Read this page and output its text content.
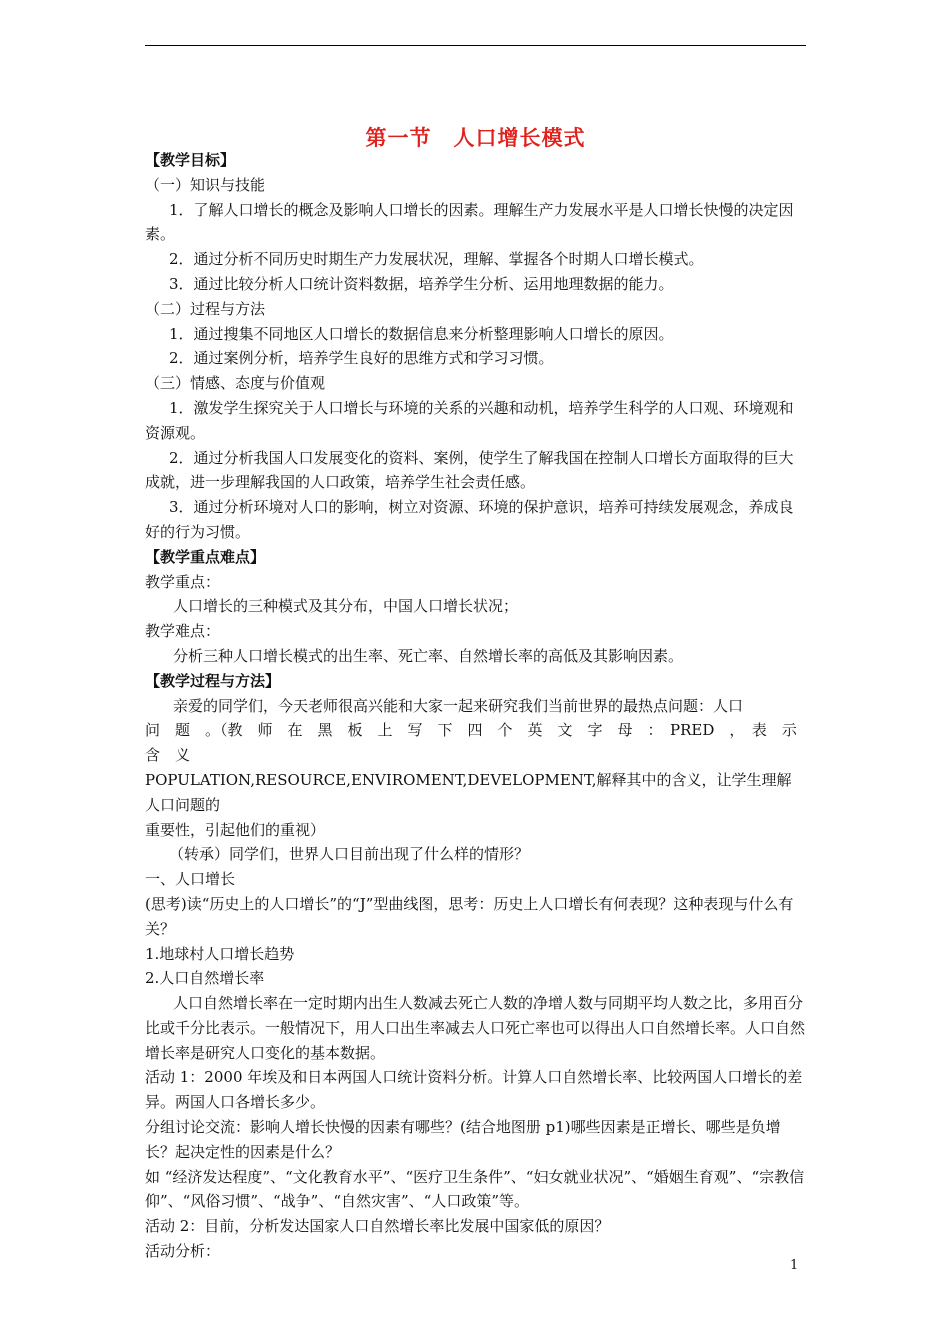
第一节　人口增长模式

【教学目标】

（一）知识与技能

1．了解人口增长的概念及影响人口增长的因素。理解生产力发展水平是人口增长快慢的决定因素。

2．通过分析不同历史时期生产力发展状况，理解、掌握各个时期人口增长模式。

3．通过比较分析人口统计资料数据，培养学生分析、运用地理数据的能力。

（二）过程与方法

1．通过搜集不同地区人口增长的数据信息来分析整理影响人口增长的原因。

2．通过案例分析，培养学生良好的思维方式和学习习惯。

（三）情感、态度与价值观

1．激发学生探究关于人口增长与环境的关系的兴趣和动机，培养学生科学的人口观、环境观和资源观。

2．通过分析我国人口发展变化的资料、案例，使学生了解我国在控制人口增长方面取得的巨大成就，进一步理解我国的人口政策，培养学生社会责任感。

3．通过分析环境对人口的影响，树立对资源、环境的保护意识，培养可持续发展观念，养成良好的行为习惯。

【教学重点难点】

教学重点：

人口增长的三种模式及其分布，中国人口增长状况；

教学难点：

分析三种人口增长模式的出生率、死亡率、自然增长率的高低及其影响因素。

【教学过程与方法】

亲爱的同学们，今天老师很高兴能和大家一起来研究我们当前世界的最热点问题：人口

问　题　。（教　师　在　黑　板　上　写　下　四　个　英　文　字　母　：　PRED　，　表　示　含　义

POPULATION,RESOURCE,ENVIROMENT,DEVELOPMENT,解释其中的含义，让学生理解人口问题的

重要性，引起他们的重视）

（转承）同学们，世界人口目前出现了什么样的情形？

一、人口增长

(思考)读“历史上的人口增长”的“J”型曲线图，思考：历史上人口增长有何表现？这种表现与什么有关？

1.地球村人口增长趋势

2.人口自然增长率

人口自然增长率在一定时期内出生人数减去死亡人数的净增人数与同期平均人数之比，多用百分比或千分比表示。一般情况下，用人口出生率减去人口死亡率也可以得出人口自然增长率。人口自然增长率是研究人口变化的基本数据。

活动 1：2000 年埃及和日本两国人口统计资料分析。计算人口自然增长率、比较两国人口增长的差异。两国人口各增长多少。

分组讨论交流：影响人增长快慢的因素有哪些？(结合地图册 p1)哪些因素是正增长、哪些是负增长？起决定性的因素是什么？

如 “经济发达程度”、“文化教育水平”、“医疗卫生条件”、“妇女就业状况”、“婚姻生育观”、“宗教信仰”、“风俗习惯”、“战争”、“自然灾害”、“人口政策”等。

活动 2：目前，分析发达国家人口自然增长率比发展中国家低的原因？

活动分析：

1
